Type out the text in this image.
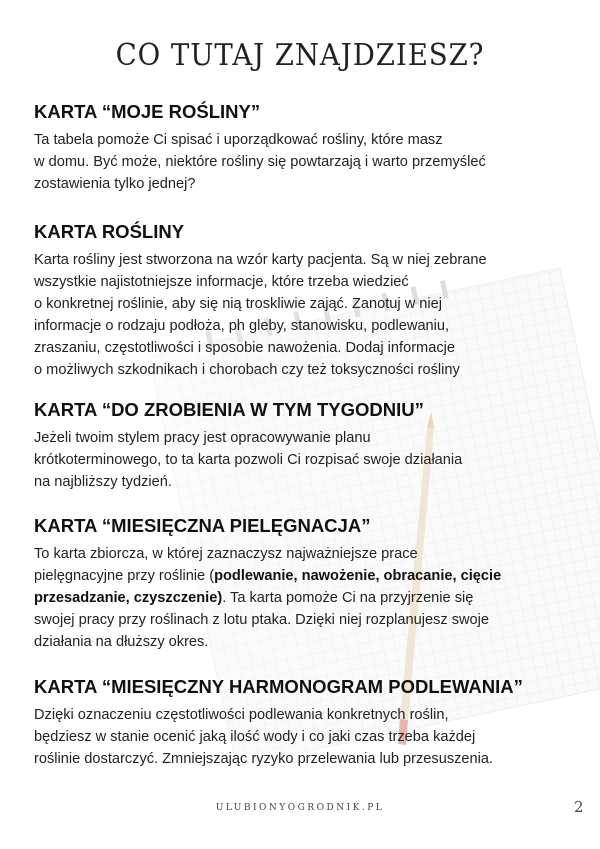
CO TUTAJ ZNAJDZIESZ?
KARTA “MOJE ROŚLINY”

Ta tabela pomoże Ci spisać i uporządkować rośliny, które masz
w domu. Być może, niektóre rośliny się powtarzają i warto przemyśleć
zostawienia tylko jednej?

KARTA ROŚLINY

Karta rośliny jest stworzona na wzór karty pacjenta. Są w niej zebrane
wszystkie najistotniejsze informacje, które trzeba wiedzieć
o konkretnej roślinie, aby się nią troskliwie zająć. Zanotuj w niej
informacje o rodzaju podłoża, ph gleby, stanowisku, podlewaniu,
zraszaniu, częstotliwości i sposobie nawożenia. Dodaj informacje
o możliwych szkodnikach i chorobach czy też toksyczności rośliny

KARTA “DO ZROBIENIA W TYM TYGODNIU”

Jeżeli twoim stylem pracy jest opracowywanie planu
krótkoterminowego, to ta karta pozwoli Ci rozpisać swoje działania
na najbliższy tydzień.

KARTA “MIESIĘCZNA PIELĘGNACJA”

To karta zbiorcza, w której zaznaczysz najważniejsze prace
pielęgnacyjne przy roślinie (podlewanie, nawożenie, obracanie, cięcie
przesadzanie, czyszczenie). Ta karta pomoże Ci na przyjrzenie się
swojej pracy przy roślinach z lotu ptaka. Dzięki niej rozplanujesz swoje
działania na dłuższy okres.

KARTA “MIESIĘCZNY HARMONOGRAM PODLEWANIA”

Dzięki oznaczeniu częstotliwości podlewania konkretnych roślin,
będziesz w stanie ocenić jaką ilość wody i co jaki czas trzeba każdej
roślinie dostarczyć. Zmniejszając ryzyko przelewania lub przesuszenia.

ULUBIONYOGRODNIK.PL	2
